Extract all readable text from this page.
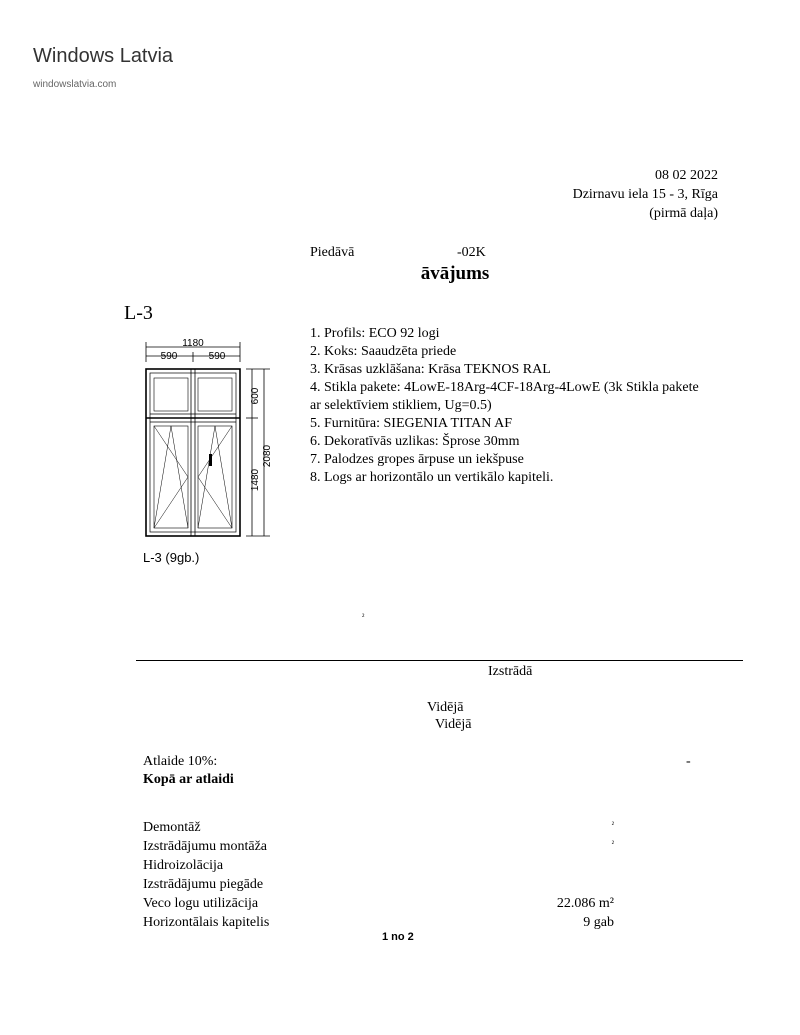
Windows Latvia
windowslatvia.com
08 02 2022
Dzirnavu iela 15 - 3, Rīga
(pirmā daļa)
Piedāvā	-02K
āvājums
L-3
1. Profils: ECO 92 logi
2. Koks: Saaudzēta priede
3. Krāsas uzklāšana: Krāsa TEKNOS RAL
4. Stikla pakete: 4LowE-18Arg-4CF-18Arg-4LowE (3k Stikla pakete
ar selektīviem stikliem, Ug=0.5)
5. Furnitūra: SIEGENIA TITAN AF
6. Dekoratīvās uzlikas: Šprose 30mm
7. Palodzes gropes ārpuse un iekšpuse
8. Logs ar horizontālo un vertikālo kapiteli.
1180
590	590
600
1480
2080
L-3 (9gb.)
²
Izstrādā
Vidējā
Vidējā
Atlaide 10%:	-
Kopā ar atlaidi
Demontāž	²
Izstrādājumu montāža	²
Hidroizolācija
Izstrādājumu piegāde
Veco logu utilizācija	22.086 m²
Horizontālais kapitelis	9 gab
1 no 2
